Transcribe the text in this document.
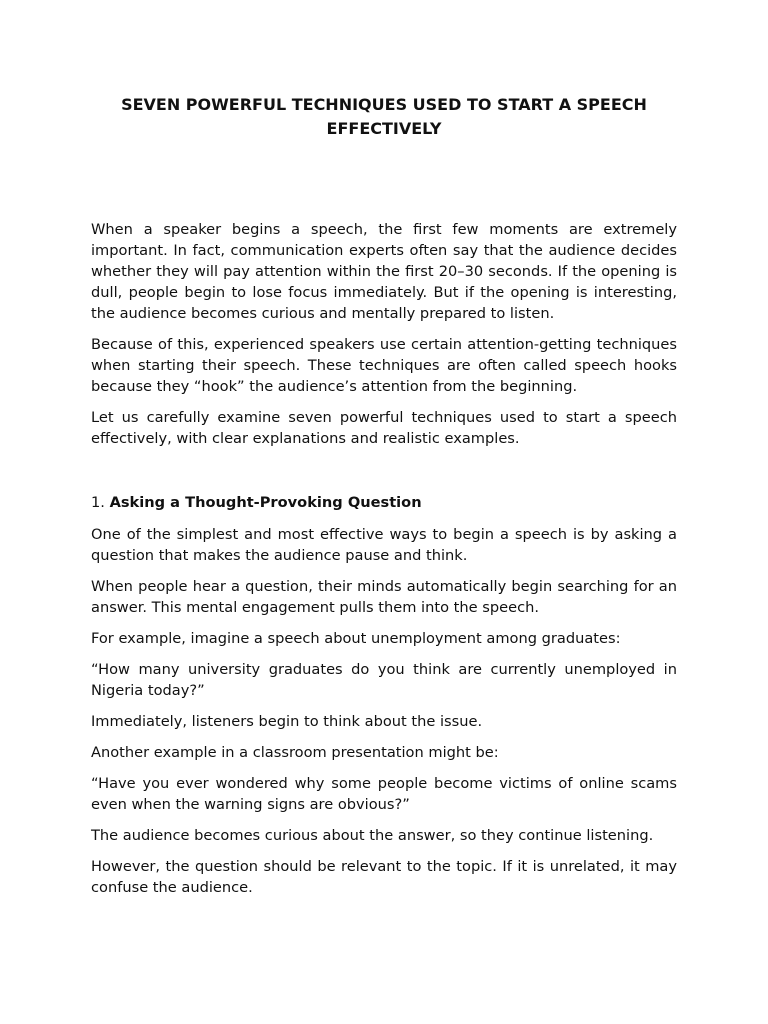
SEVEN POWERFUL TECHNIQUES USED TO START A SPEECH EFFECTIVELY

When a speaker begins a speech, the first few moments are extremely important. In fact, communication experts often say that the audience decides whether they will pay attention within the first 20–30 seconds. If the opening is dull, people begin to lose focus immediately. But if the opening is interesting, the audience becomes curious and mentally prepared to listen.

Because of this, experienced speakers use certain attention-getting techniques when starting their speech. These techniques are often called speech hooks because they “hook” the audience’s attention from the beginning.

Let us carefully examine seven powerful techniques used to start a speech effectively, with clear explanations and realistic examples.

1. Asking a Thought-Provoking Question

One of the simplest and most effective ways to begin a speech is by asking a question that makes the audience pause and think.

When people hear a question, their minds automatically begin searching for an answer. This mental engagement pulls them into the speech.

For example, imagine a speech about unemployment among graduates:

“How many university graduates do you think are currently unemployed in Nigeria today?”

Immediately, listeners begin to think about the issue.

Another example in a classroom presentation might be:

“Have you ever wondered why some people become victims of online scams even when the warning signs are obvious?”

The audience becomes curious about the answer, so they continue listening.

However, the question should be relevant to the topic. If it is unrelated, it may confuse the audience.
